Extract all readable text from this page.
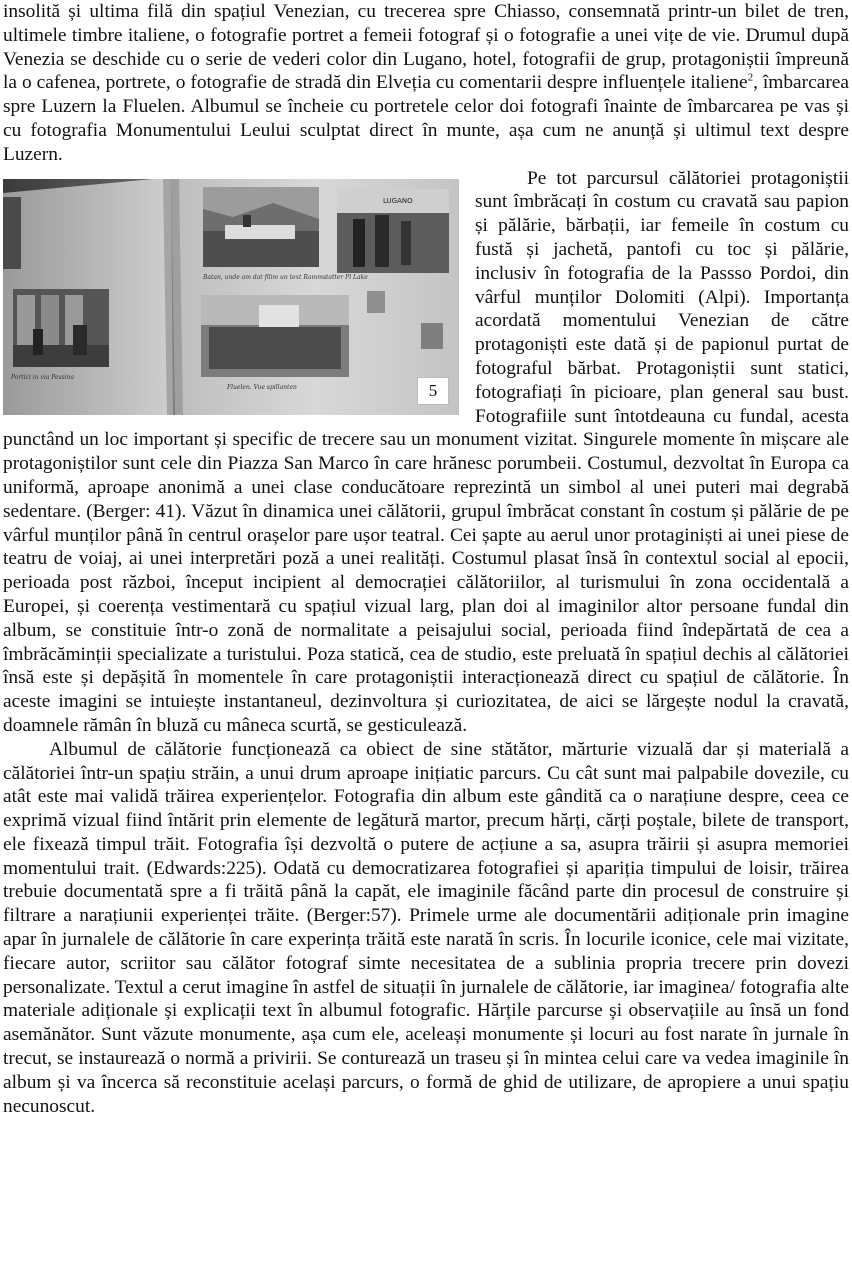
insolită și ultima filă din spațiul Venezian, cu trecerea spre Chiasso, consemnată printr-un bilet de tren, ultimele timbre italiene, o fotografie portret a femeii fotograf și o fotografie a unei vițe de vie. Drumul după Venezia se deschide cu o serie de vederi color din Lugano, hotel, fotografii de grup, protagoniștii împreună la o cafenea, portrete, o fotografie de stradă din Elveția cu comentarii despre influențele italiene$^2$, îmbarcarea spre Luzern la Fluelen. Albumul se încheie cu portretele celor doi fotografi înainte de îmbarcarea pe vas și cu fotografia Monumentului Leului sculptat direct în munte, așa cum ne anunță și ultimul text despre Luzern.

Batan, unde am dat filim un text Rammstatter Pl Lake
Portici in via Pessina
Fluelen. Vue spillanten
LUGANO
5

Pe tot parcursul călătoriei protagoniștii sunt îmbrăcați în costum cu cravată sau papion și pălărie, bărbații, iar femeile în costum cu fustă și jachetă, pantofi cu toc și pălărie, inclusiv în fotografia de la Passso Pordoi, din vârful munților Dolomiti (Alpi). Importanța acordată momentului Venezian de către protagoniști este dată și de papionul purtat de fotograful bărbat. Protagoniștii sunt statici, fotografiați în picioare, plan general sau bust. Fotografiile sunt întotdeauna cu fundal, acesta punctând un loc important și specific de trecere sau un monument vizitat. Singurele momente în mișcare ale protagoniștilor sunt cele din Piazza San Marco în care hrănesc porumbeii. Costumul, dezvoltat în Europa ca uniformă, aproape anonimă a unei clase conducătoare reprezintă un simbol al unei puteri mai degrabă sedentare. (Berger: 41). Văzut în dinamica unei călătorii, grupul îmbrăcat constant în costum și pălărie de pe vârful munților până în centrul orașelor pare ușor teatral. Cei șapte au aerul unor protaginiști ai unei piese de teatru de voiaj, ai unei interpretări poză a unei realități. Costumul plasat însă în contextul social al epocii, perioada post război, început incipient al democrației călătoriilor, al turismului în zona occidentală a Europei, și coerența vestimentară cu spațiul vizual larg, plan doi al imaginilor altor persoane fundal din album, se constituie într-o zonă de normalitate a peisajului social, perioada fiind îndepărtată de cea a îmbrăcăminții specializate a turistului. Poza statică, cea de studio, este preluată în spațiul dechis al călătoriei însă este și depășită în momentele în care protagoniștii interacționează direct cu spațiul de călătorie. În aceste imagini se intuiește instantaneul, dezinvoltura și curiozitatea, de aici se lărgește nodul la cravată, doamnele rămân în bluză cu mâneca scurtă, se gesticulează.

Albumul de călătorie funcționează ca obiect de sine stătător, mărturie vizuală dar și materială a călătoriei într-un spațiu străin, a unui drum aproape inițiatic parcurs. Cu cât sunt mai palpabile dovezile, cu atât este mai validă trăirea experiențelor. Fotografia din album este gândită ca o narațiune despre, ceea ce exprimă vizual fiind întărit prin elemente de legătură martor, precum hărți, cărți poștale, bilete de transport, ele fixează timpul trăit. Fotografia își dezvoltă o putere de acțiune a sa, asupra trăirii și asupra memoriei momentului trait. (Edwards:225). Odată cu democratizarea fotografiei și apariția timpului de loisir, trăirea trebuie documentată spre a fi trăită până la capăt, ele imaginile făcând parte din procesul de construire și filtrare a narațiunii experienței trăite. (Berger:57). Primele urme ale documentării adiționale prin imagine apar în jurnalele de călătorie în care experința trăită este narată în scris. În locurile iconice, cele mai vizitate, fiecare autor, scriitor sau călător fotograf simte necesitatea de a sublinia propria trecere prin dovezi personalizate. Textul a cerut imagine în astfel de situații în jurnalele de călătorie, iar imaginea/ fotografia alte materiale adiționale și explicații text în albumul fotografic. Hărțile parcurse și observațiile au însă un fond asemănător. Sunt văzute monumente, așa cum ele, aceleași monumente și locuri au fost narate în jurnale în trecut, se instaurează o normă a privirii. Se conturează un traseu și în mintea celui care va vedea imaginile în album și va încerca să reconstituie același parcurs, o formă de ghid de utilizare, de apropiere a unui spațiu necunoscut.
